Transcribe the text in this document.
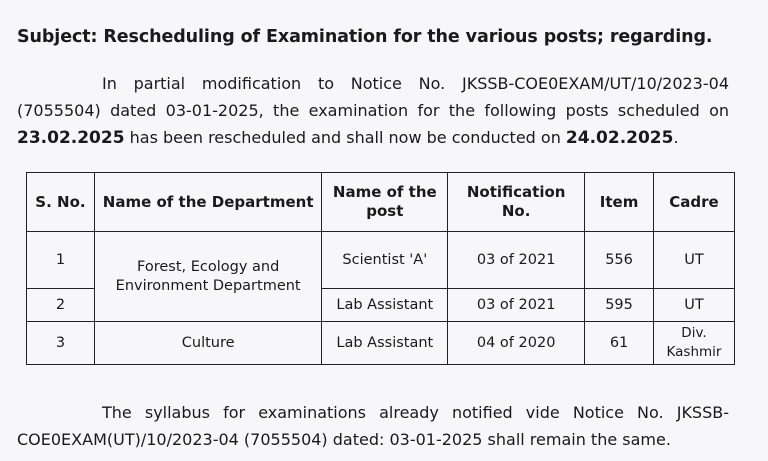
Subject: Rescheduling of Examination for the various posts; regarding.
In partial modification to Notice No. JKSSB-COE0EXAM/UT/10/2023-04 (7055504) dated 03-01-2025, the examination for the following posts scheduled on 23.02.2025 has been rescheduled and shall now be conducted on 24.02.2025.
S. No.	Name of the Department	Name of the post	Notification No.	Item	Cadre
1	Forest, Ecology and Environment Department	Scientist 'A'	03 of 2021	556	UT
2		Lab Assistant	03 of 2021	595	UT
3	Culture	Lab Assistant	04 of 2020	61	Div. Kashmir
The syllabus for examinations already notified vide Notice No. JKSSB-COE0EXAM(UT)/10/2023-04 (7055504) dated: 03-01-2025 shall remain the same.
